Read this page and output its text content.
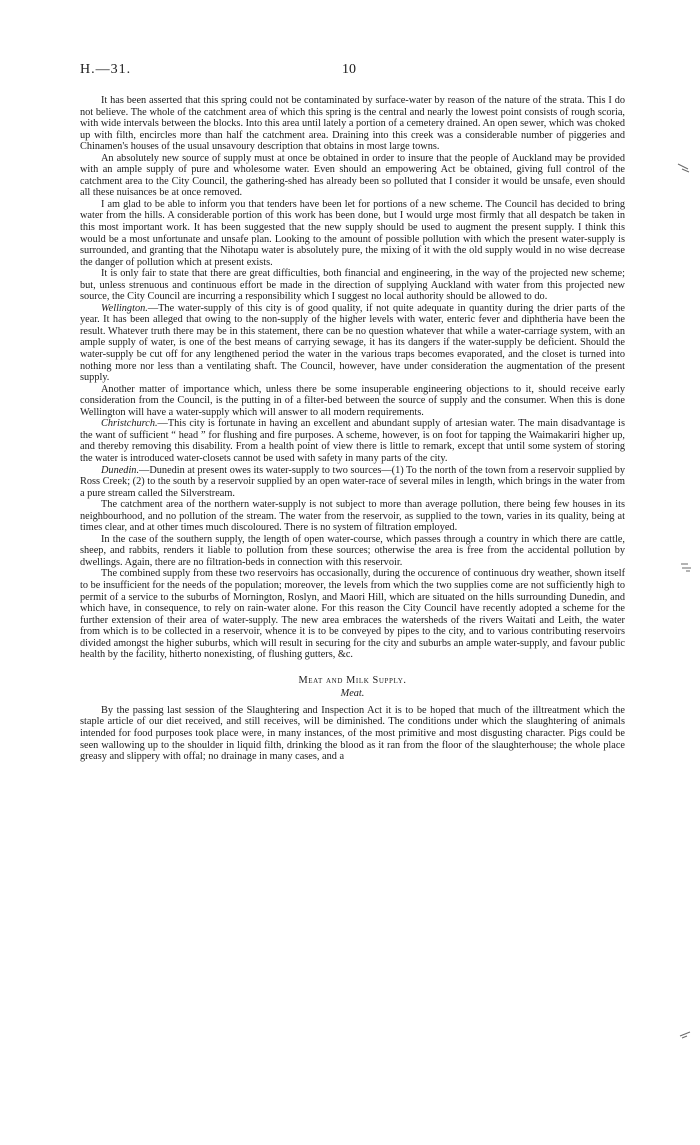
H.—31.	10

It has been asserted that this spring could not be contaminated by surface-water by reason of the nature of the strata. This I do not believe. The whole of the catchment area of which this spring is the central and nearly the lowest point consists of rough scoria, with wide intervals between the blocks. Into this area until lately a portion of a cemetery drained. An open sewer, which was choked up with filth, encircles more than half the catchment area. Draining into this creek was a considerable number of piggeries and Chinamen's houses of the usual unsavoury description that obtains in most large towns.

An absolutely new source of supply must at once be obtained in order to insure that the people of Auckland may be provided with an ample supply of pure and wholesome water. Even should an empowering Act be obtained, giving full control of the catchment area to the City Council, the gathering-shed has already been so polluted that I consider it would be unsafe, even should all these nuisances be at once removed.

I am glad to be able to inform you that tenders have been let for portions of a new scheme. The Council has decided to bring water from the hills. A considerable portion of this work has been done, but I would urge most firmly that all despatch be taken in this most important work. It has been suggested that the new supply should be used to augment the present supply. I think this would be a most unfortunate and unsafe plan. Looking to the amount of possible pollution with which the present water-supply is surrounded, and granting that the Nihotapu water is absolutely pure, the mixing of it with the old supply would in no wise decrease the danger of pollution which at present exists.

It is only fair to state that there are great difficulties, both financial and engineering, in the way of the projected new scheme; but, unless strenuous and continuous effort be made in the direction of supplying Auckland with water from this projected new source, the City Council are incurring a responsibility which I suggest no local authority should be allowed to do.

Wellington.—The water-supply of this city is of good quality, if not quite adequate in quantity during the drier parts of the year. It has been alleged that owing to the non-supply of the higher levels with water, enteric fever and diphtheria have been the result. Whatever truth there may be in this statement, there can be no question whatever that while a water-carriage system, with an ample supply of water, is one of the best means of carrying sewage, it has its dangers if the water-supply be deficient. Should the water-supply be cut off for any lengthened period the water in the various traps becomes evaporated, and the closet is turned into nothing more nor less than a ventilating shaft. The Council, however, have under consideration the augmentation of the present supply.

Another matter of importance which, unless there be some insuperable engineering objections to it, should receive early consideration from the Council, is the putting in of a filter-bed between the source of supply and the consumer. When this is done Wellington will have a water-supply which will answer to all modern requirements.

Christchurch.—This city is fortunate in having an excellent and abundant supply of artesian water. The main disadvantage is the want of sufficient “ head ” for flushing and fire purposes. A scheme, however, is on foot for tapping the Waimakariri higher up, and thereby removing this disability. From a health point of view there is little to remark, except that until some system of storing the water is introduced water-closets cannot be used with safety in many parts of the city.

Dunedin.—Dunedin at present owes its water-supply to two sources—(1) To the north of the town from a reservoir supplied by Ross Creek; (2) to the south by a reservoir supplied by an open water-race of several miles in length, which brings in the water from a pure stream called the Silverstream.

The catchment area of the northern water-supply is not subject to more than average pollution, there being few houses in its neighbourhood, and no pollution of the stream. The water from the reservoir, as supplied to the town, varies in its quality, being at times clear, and at other times much discoloured. There is no system of filtration employed.

In the case of the southern supply, the length of open water-course, which passes through a country in which there are cattle, sheep, and rabbits, renders it liable to pollution from these sources; otherwise the area is free from the accidental pollution by dwellings. Again, there are no filtration-beds in connection with this reservoir.

The combined supply from these two reservoirs has occasionally, during the occurence of continuous dry weather, shown itself to be insufficient for the needs of the population; moreover, the levels from which the two supplies come are not sufficiently high to permit of a service to the suburbs of Mornington, Roslyn, and Maori Hill, which are situated on the hills surrounding Dunedin, and which have, in consequence, to rely on rain-water alone. For this reason the City Council have recently adopted a scheme for the further extension of their area of water-supply. The new area embraces the watersheds of the rivers Waitati and Leith, the water from which is to be collected in a reservoir, whence it is to be conveyed by pipes to the city, and to various contributing reservoirs divided amongst the higher suburbs, which will result in securing for the city and suburbs an ample water-supply, and favour public health by the facility, hitherto nonexisting, of flushing gutters, &c.

Meat and Milk Supply.

Meat.

By the passing last session of the Slaughtering and Inspection Act it is to be hoped that much of the illtreatment which the staple article of our diet received, and still receives, will be diminished. The conditions under which the slaughtering of animals intended for food purposes took place were, in many instances, of the most primitive and most disgusting character. Pigs could be seen wallowing up to the shoulder in liquid filth, drinking the blood as it ran from the floor of the slaughterhouse; the whole place greasy and slippery with offal; no drainage in many cases, and a
